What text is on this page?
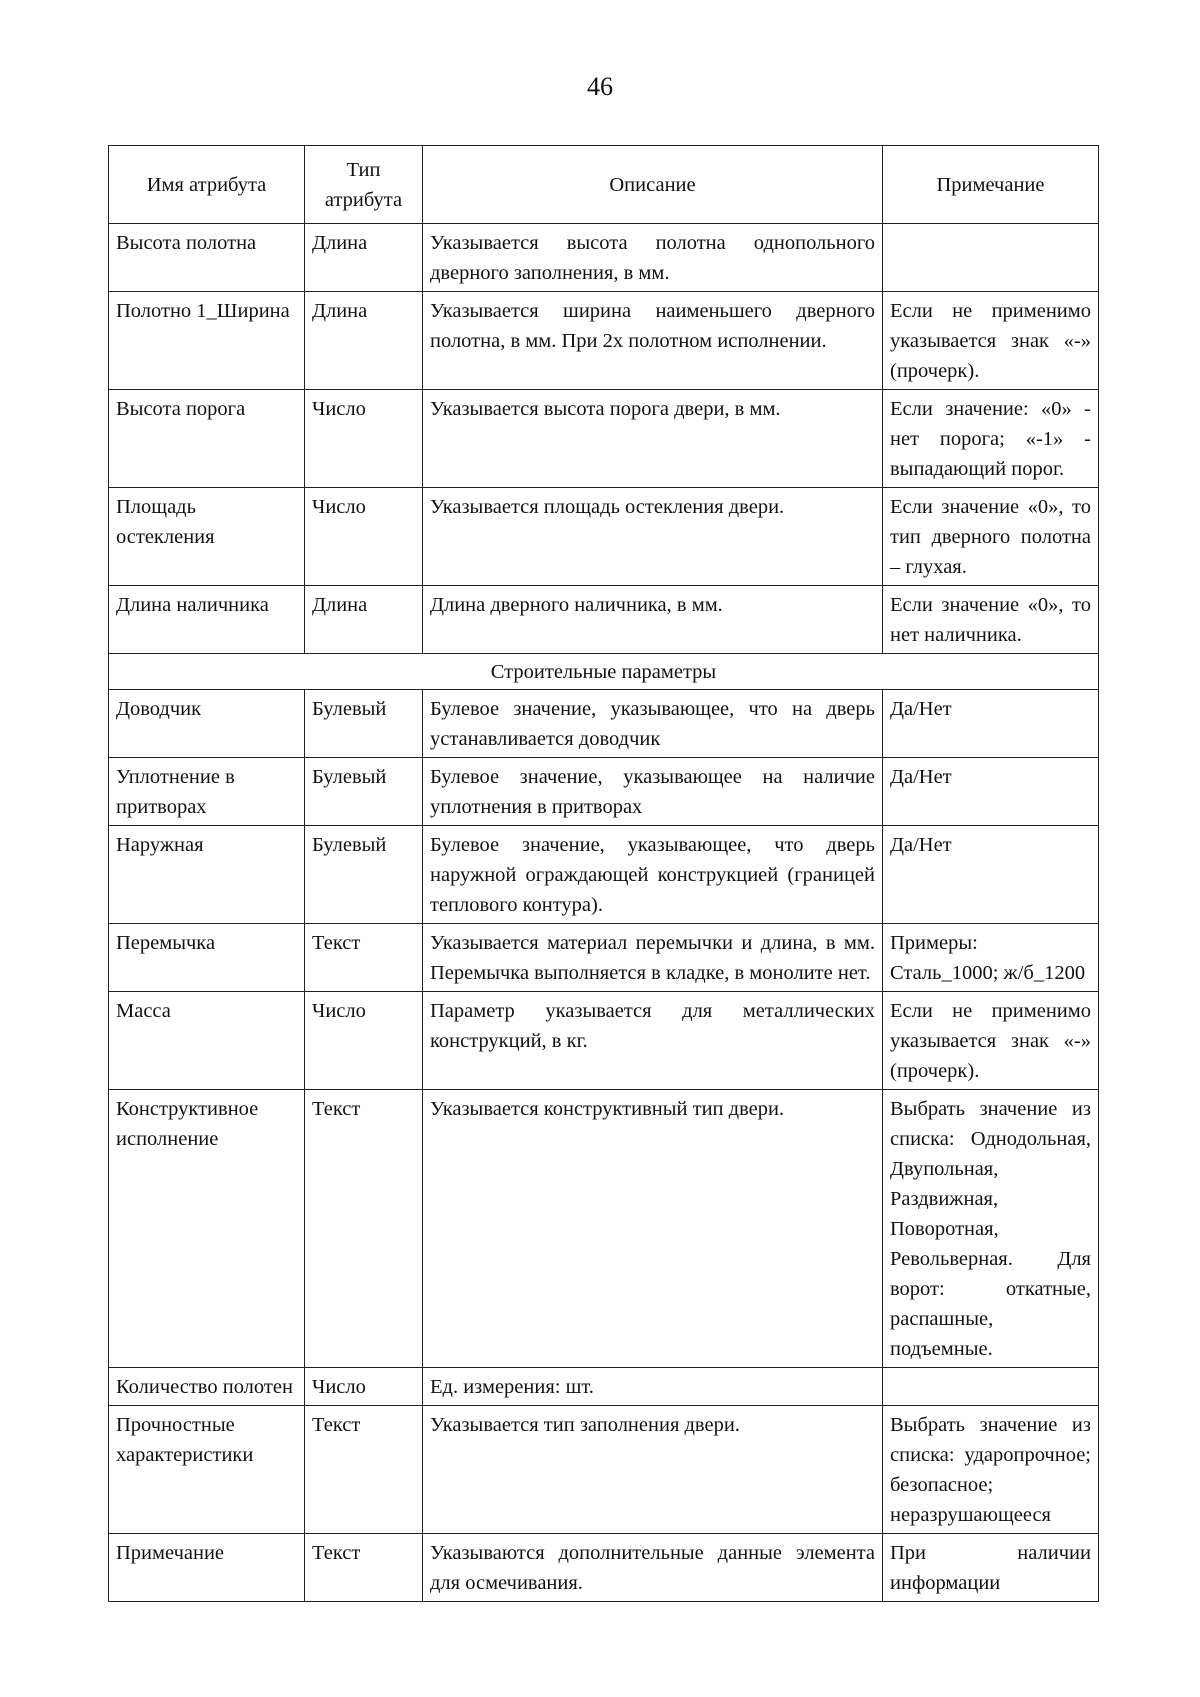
46
Имя атрибута	Тип атрибута	Описание	Примечание
Высота полотна	Длина	Указывается высота полотна однопольного дверного заполнения, в мм.	
Полотно 1_Ширина	Длина	Указывается ширина наименьшего дверного полотна, в мм. При 2х полотном исполнении.	Если не применимо указывается знак «-» (прочерк).
Высота порога	Число	Указывается высота порога двери, в мм.	Если значение: «0» - нет порога; «-1» - выпадающий порог.
Площадь остекления	Число	Указывается площадь остекления двери.	Если значение «0», то тип дверного полотна – глухая.
Длина наличника	Длина	Длина дверного наличника, в мм.	Если значение «0», то нет наличника.
Строительные параметры			
Доводчик	Булевый	Булевое значение, указывающее, что на дверь устанавливается доводчик	Да/Нет
Уплотнение в притворах	Булевый	Булевое значение, указывающее на наличие уплотнения в притворах	Да/Нет
Наружная	Булевый	Булевое значение, указывающее, что дверь наружной ограждающей конструкцией (границей теплового контура).	Да/Нет
Перемычка	Текст	Указывается материал перемычки и длина, в мм. Перемычка выполняется в кладке, в монолите нет.	Примеры: Сталь_1000; ж/б_1200
Масса	Число	Параметр указывается для металлических конструкций, в кг.	Если не применимо указывается знак «-» (прочерк).
Конструктивное исполнение	Текст	Указывается конструктивный тип двери.	Выбрать значение из списка: Однодольная, Двупольная, Раздвижная, Поворотная, Револьверная. Для ворот: откатные, распашные, подъемные.
Количество полотен	Число	Ед. измерения: шт.	
Прочностные характеристики	Текст	Указывается тип заполнения двери.	Выбрать значение из списка: ударопрочное; безопасное; неразрушающееся
Примечание	Текст	Указываются дополнительные данные элемента для осмечивания.	При наличии информации
